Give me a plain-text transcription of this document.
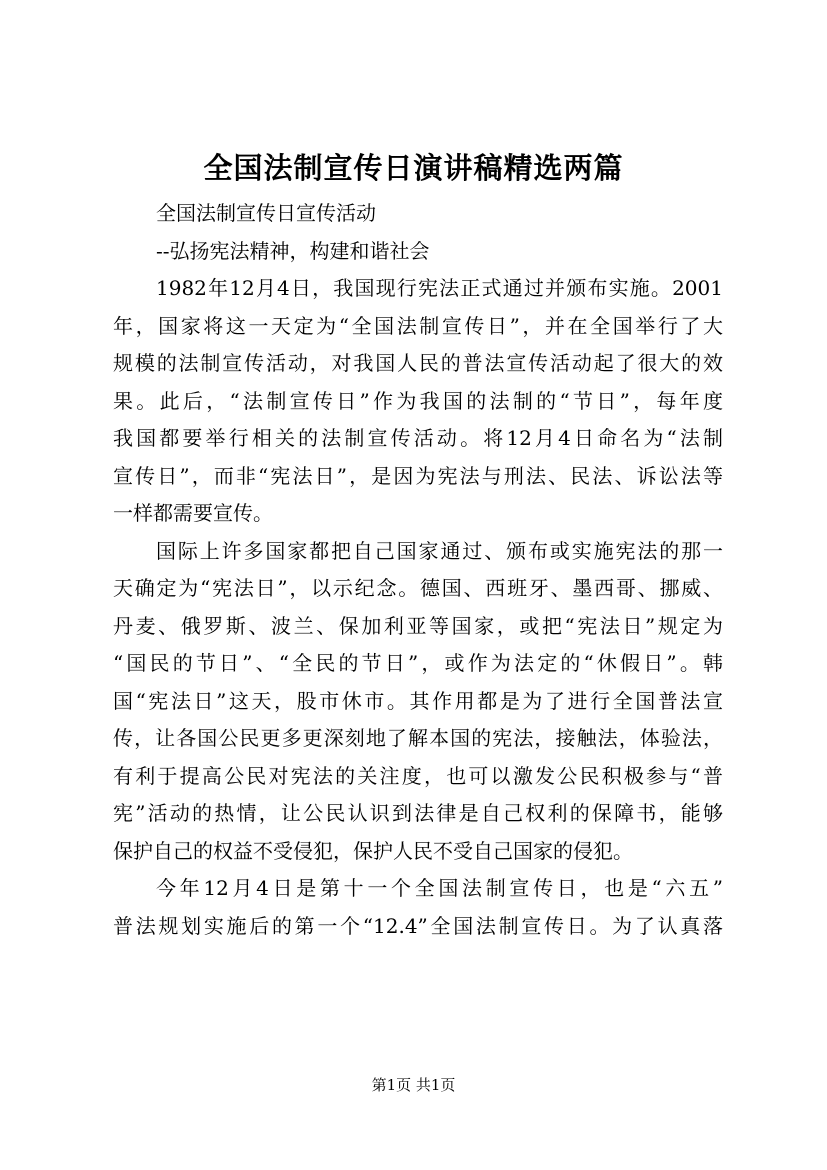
全国法制宣传日演讲稿精选两篇
全国法制宣传日宣传活动
--弘扬宪法精神，构建和谐社会
1982年12月4日，我国现行宪法正式通过并颁布实施。2001
年，国家将这一天定为“全国法制宣传日”，并在全国举行了大
规模的法制宣传活动，对我国人民的普法宣传活动起了很大的效
果。此后，“法制宣传日”作为我国的法制的“节日”，每年度
我国都要举行相关的法制宣传活动。将12月4日命名为“法制
宣传日”，而非“宪法日”，是因为宪法与刑法、民法、诉讼法等
一样都需要宣传。
国际上许多国家都把自己国家通过、颁布或实施宪法的那一
天确定为“宪法日”，以示纪念。德国、西班牙、墨西哥、挪威、
丹麦、俄罗斯、波兰、保加利亚等国家，或把“宪法日”规定为
“国民的节日”、“全民的节日”，或作为法定的“休假日”。韩
国“宪法日”这天，股市休市。其作用都是为了进行全国普法宣
传，让各国公民更多更深刻地了解本国的宪法，接触法，体验法，
有利于提高公民对宪法的关注度，也可以激发公民积极参与“普
宪”活动的热情，让公民认识到法律是自己权利的保障书，能够
保护自己的权益不受侵犯，保护人民不受自己国家的侵犯。
今年12月4日是第十一个全国法制宣传日，也是“六五”
普法规划实施后的第一个“12.4”全国法制宣传日。为了认真落
第1页 共1页
